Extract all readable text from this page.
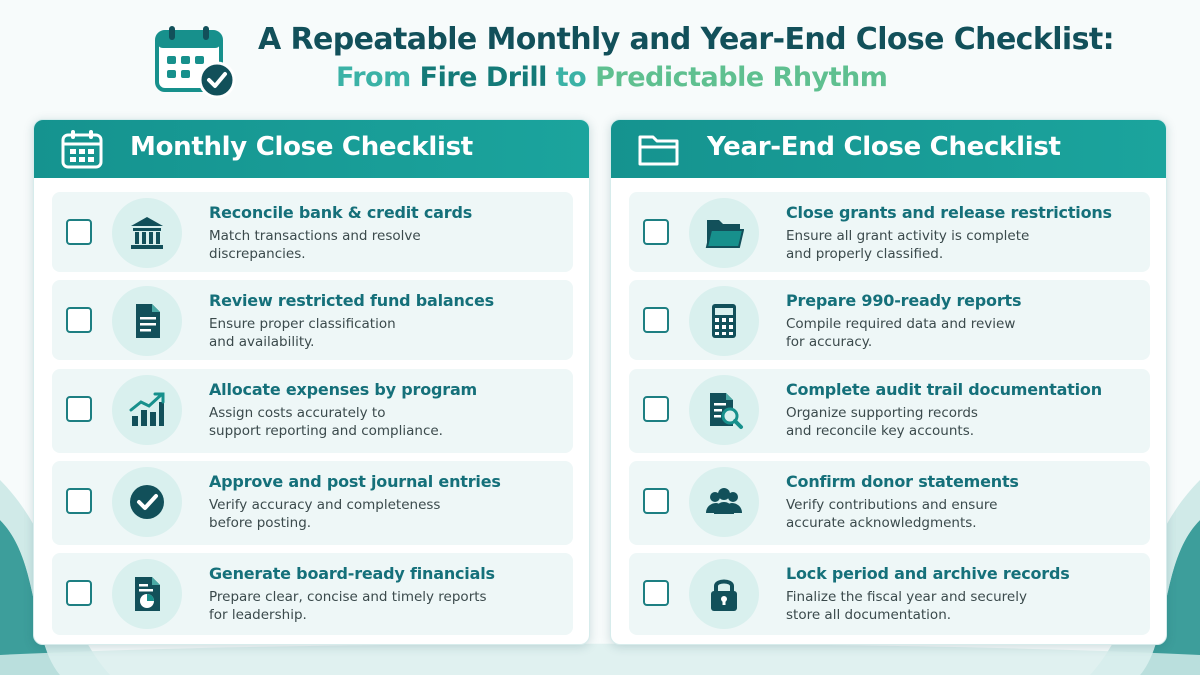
A Repeatable Monthly and Year-End Close Checklist:
From Fire Drill to Predictable Rhythm
Monthly Close Checklist
Reconcile bank & credit cards
Match transactions and resolve
discrepancies.
Review restricted fund balances
Ensure proper classification
and availability.
Allocate expenses by program
Assign costs accurately to
support reporting and compliance.
Approve and post journal entries
Verify accuracy and completeness
before posting.
Generate board-ready financials
Prepare clear, concise and timely reports
for leadership.
Year-End Close Checklist
Close grants and release restrictions
Ensure all grant activity is complete
and properly classified.
Prepare 990-ready reports
Compile required data and review
for accuracy.
Complete audit trail documentation
Organize supporting records
and reconcile key accounts.
Confirm donor statements
Verify contributions and ensure
accurate acknowledgments.
Lock period and archive records
Finalize the fiscal year and securely
store all documentation.
